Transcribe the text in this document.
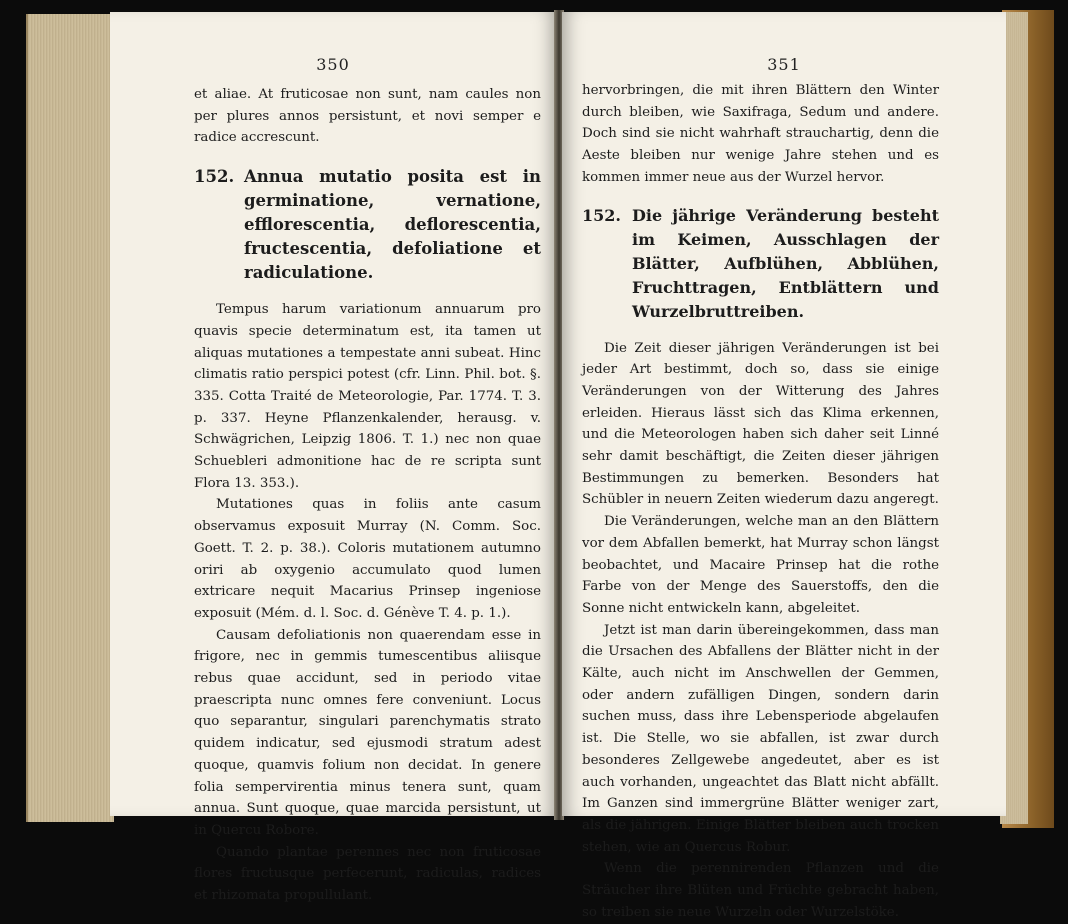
350

et aliae. At fruticosae non sunt, nam caules non per plures annos persistunt, et novi semper e radice accrescunt.

152. Annua mutatio posita est in germinatione, vernatione, efflorescentia, deflorescentia, fructescentia, defoliatione et radiculatione.

Tempus harum variationum annuarum pro quavis specie determinatum est, ita tamen ut aliquas mutationes a tempestate anni subeat. Hinc climatis ratio perspici potest (cfr. Linn. Phil. bot. §. 335. Cotta Traité de Meteorologie, Par. 1774. T. 3. p. 337. Heyne Pflanzenkalender, herausg. v. Schwägrichen, Leipzig 1806. T. 1.) nec non quae Schuebleri admonitione hac de re scripta sunt Flora 13. 353.).

Mutationes quas in foliis ante casum observamus exposuit Murray (N. Comm. Soc. Goett. T. 2. p. 38.). Coloris mutationem autumno oriri ab oxygenio accumulato quod lumen extricare nequit Macarius Prinsep ingeniose exposuit (Mém. d. l. Soc. d. Génève T. 4. p. 1.).

Causam defoliationis non quaerendam esse in frigore, nec in gemmis tumescentibus aliisque rebus quae accidunt, sed in periodo vitae praescripta nunc omnes fere conveniunt. Locus quo separantur, singulari parenchymatis strato quidem indicatur, sed ejusmodi stratum adest quoque, quamvis folium non decidat. In genere folia sempervirentia minus tenera sunt, quam annua. Sunt quoque, quae marcida persistunt, ut in Quercu Robore.

Quando plantae perennes nec non fruticosae flores fructusque perfecerunt, radiculas, radices et rhizomata propullulant.

351

hervorbringen, die mit ihren Blättern den Winter durch bleiben, wie Saxifraga, Sedum und andere. Doch sind sie nicht wahrhaft strauchartig, denn die Aeste bleiben nur wenige Jahre stehen und es kommen immer neue aus der Wurzel hervor.

152. Die jährige Veränderung besteht im Keimen, Ausschlagen der Blätter, Aufblühen, Abblühen, Fruchttragen, Entblättern und Wurzelbruttreiben.

Die Zeit dieser jährigen Veränderungen ist bei jeder Art bestimmt, doch so, dass sie einige Veränderungen von der Witterung des Jahres erleiden. Hieraus lässt sich das Klima erkennen, und die Meteorologen haben sich daher seit Linné sehr damit beschäftigt, die Zeiten dieser jährigen Bestimmungen zu bemerken. Besonders hat Schübler in neuern Zeiten wiederum dazu angeregt.

Die Veränderungen, welche man an den Blättern vor dem Abfallen bemerkt, hat Murray schon längst beobachtet, und Macaire Prinsep hat die rothe Farbe von der Menge des Sauerstoffs, den die Sonne nicht entwickeln kann, abgeleitet.

Jetzt ist man darin übereingekommen, dass man die Ursachen des Abfallens der Blätter nicht in der Kälte, auch nicht im Anschwellen der Gemmen, oder andern zufälligen Dingen, sondern darin suchen muss, dass ihre Lebensperiode abgelaufen ist. Die Stelle, wo sie abfallen, ist zwar durch besonderes Zellgewebe angedeutet, aber es ist auch vorhanden, ungeachtet das Blatt nicht abfällt. Im Ganzen sind immergrüne Blätter weniger zart, als die jährigen. Einige Blätter bleiben auch trocken stehen, wie an Quercus Robur.

Wenn die perennirenden Pflanzen und die Sträucher ihre Blüten und Früchte gebracht haben, so treiben sie neue Wurzeln oder Wurzelstöke.
